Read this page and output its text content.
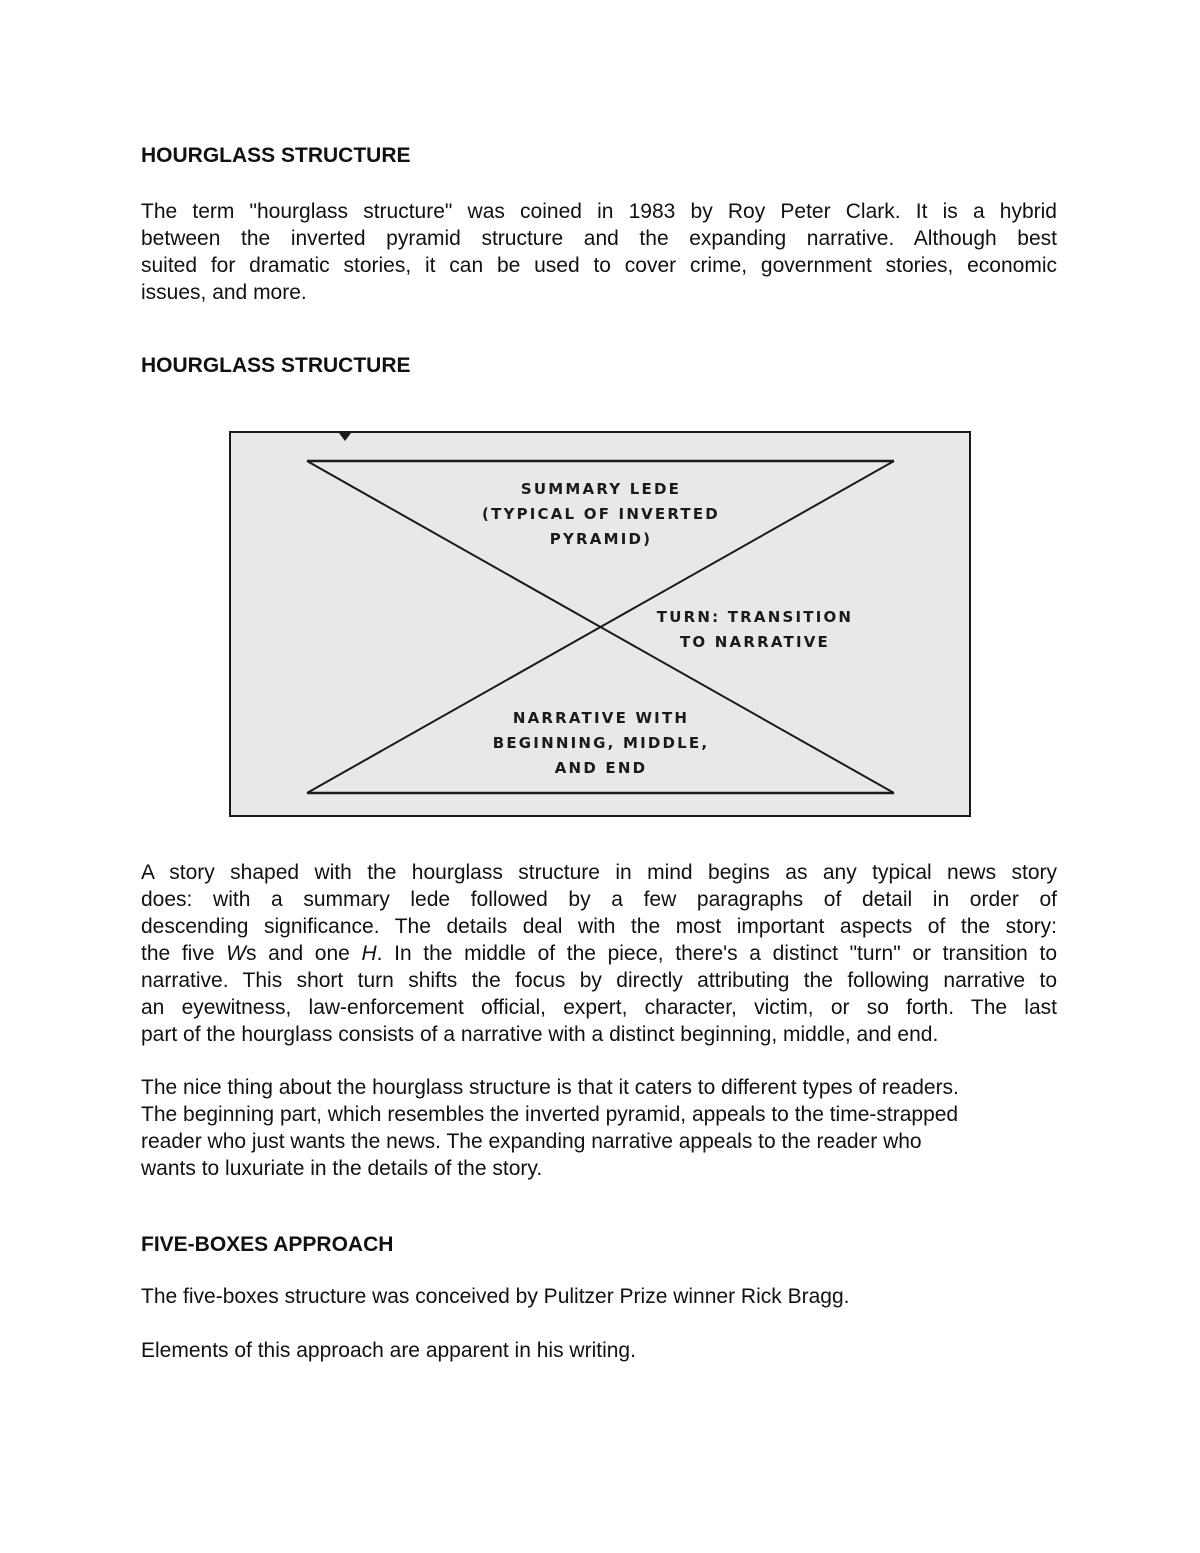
HOURGLASS STRUCTURE
The term "hourglass structure" was coined in 1983 by Roy Peter Clark. It is a hybrid
between the inverted pyramid structure and the expanding narrative. Although best
suited for dramatic stories, it can be used to cover crime, government stories, economic
issues, and more.
HOURGLASS STRUCTURE
SUMMARY LEDE
(TYPICAL OF INVERTED
PYRAMID)
TURN: TRANSITION
TO NARRATIVE
NARRATIVE WITH
BEGINNING, MIDDLE,
AND END
A story shaped with the hourglass structure in mind begins as any typical news story
does: with a summary lede followed by a few paragraphs of detail in order of
descending significance. The details deal with the most important aspects of the story:
the five Ws and one H. In the middle of the piece, there's a distinct "turn" or transition to
narrative. This short turn shifts the focus by directly attributing the following narrative to
an eyewitness, law-enforcement official, expert, character, victim, or so forth. The last
part of the hourglass consists of a narrative with a distinct beginning, middle, and end.
The nice thing about the hourglass structure is that it caters to different types of readers.
The beginning part, which resembles the inverted pyramid, appeals to the time-strapped
reader who just wants the news. The expanding narrative appeals to the reader who
wants to luxuriate in the details of the story.
FIVE-BOXES APPROACH

The five-boxes structure was conceived by Pulitzer Prize winner Rick Bragg.

Elements of this approach are apparent in his writing.
